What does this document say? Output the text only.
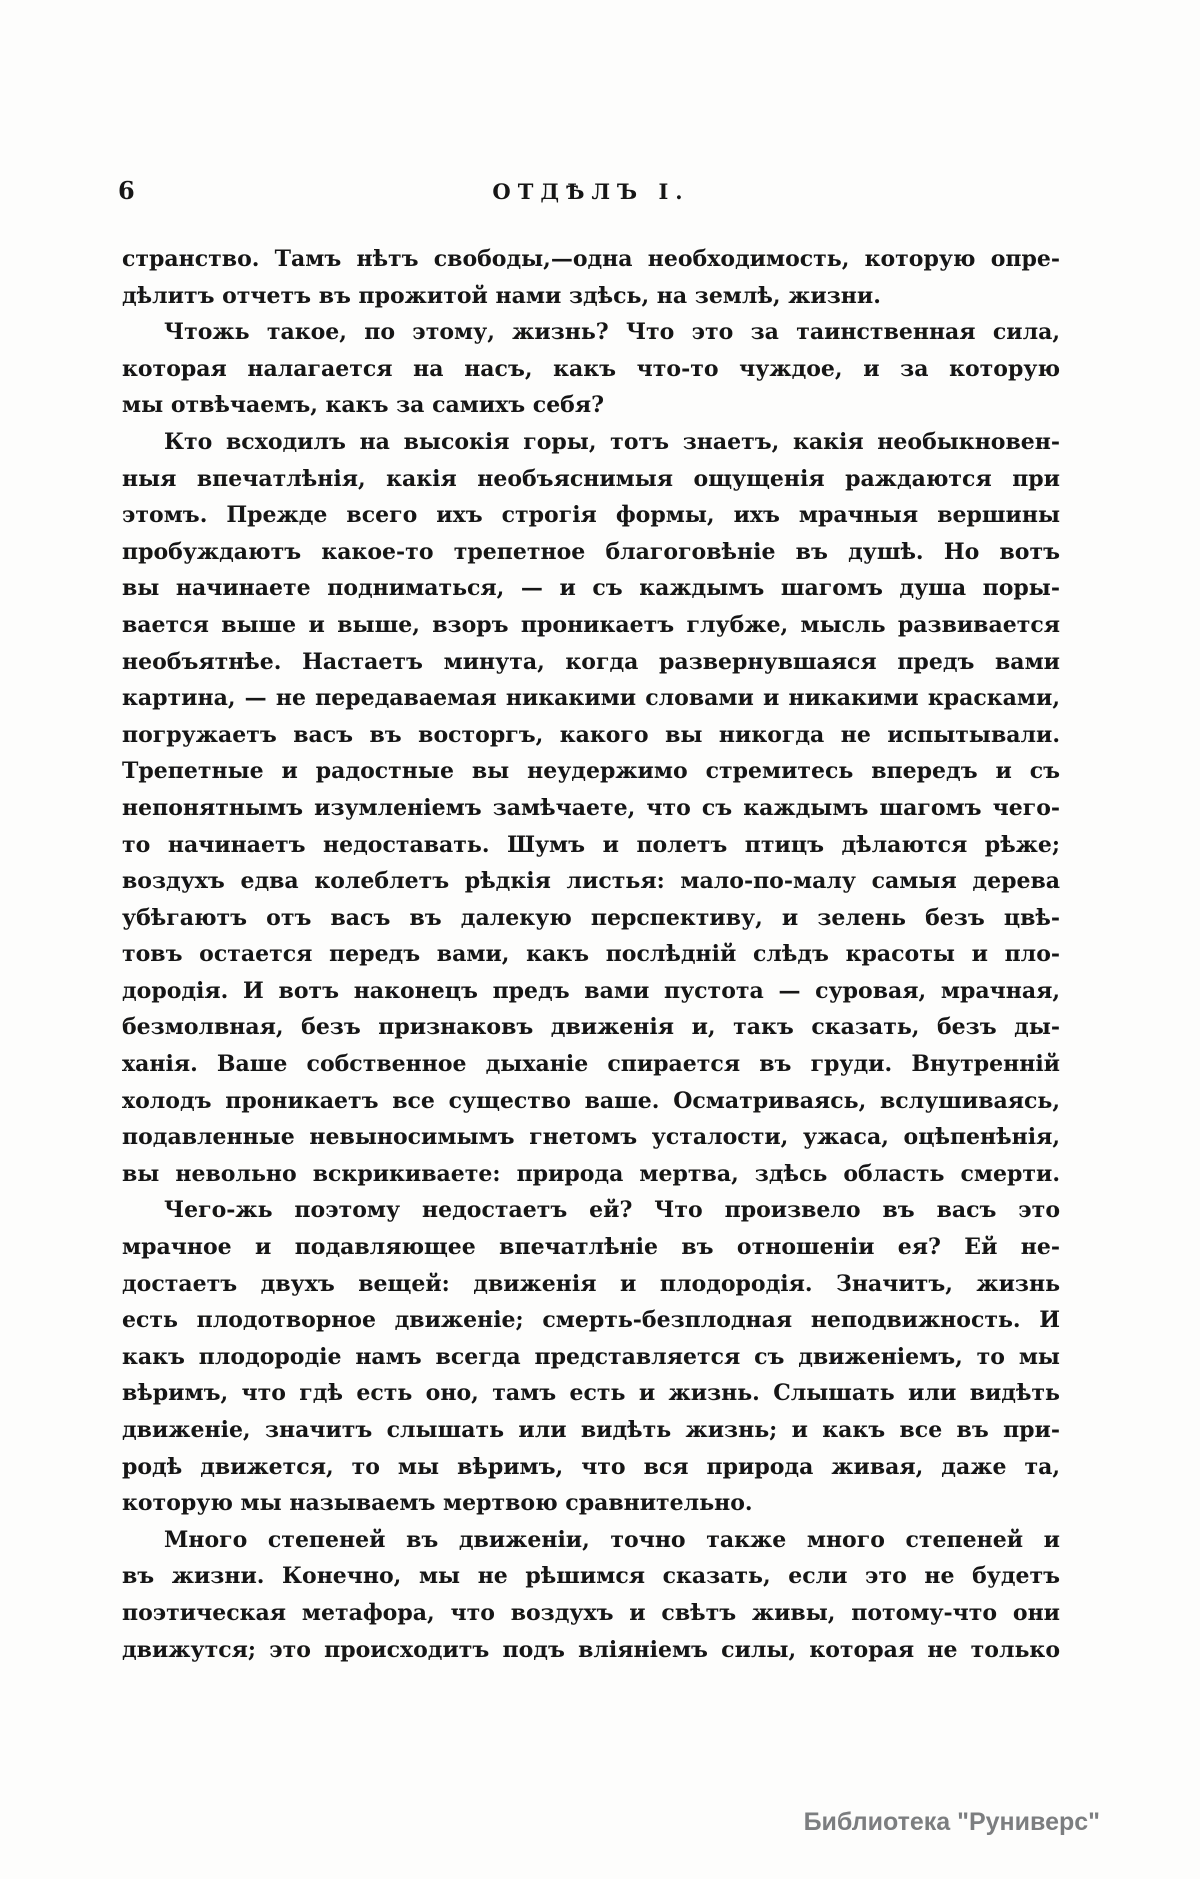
6	ОТДѢЛЪ I.
странство. Тамъ нѣтъ свободы,—одна необходимость, которую опре-
дѣлитъ отчетъ въ прожитой нами здѣсь, на землѣ, жизни.
Чтожь такое, по этому, жизнь? Что это за таинственная сила,
которая налагается на насъ, какъ что-то чуждое, и за которую
мы отвѣчаемъ, какъ за самихъ себя?
Кто всходилъ на высокія горы, тотъ знаетъ, какія необыкновен-
ныя впечатлѣнія, какія необъяснимыя ощущенія раждаются при
этомъ. Прежде всего ихъ строгія формы, ихъ мрачныя вершины
пробуждаютъ какое-то трепетное благоговѣніе въ душѣ. Но вотъ
вы начинаете подниматься, — и съ каждымъ шагомъ душа поры-
вается выше и выше, взоръ проникаетъ глубже, мысль развивается
необъятнѣе. Настаетъ минута, когда развернувшаяся предъ вами
картина, — не передаваемая никакими словами и никакими красками,
погружаетъ васъ въ восторгъ, какого вы никогда не испытывали.
Трепетные и радостные вы неудержимо стремитесь впередъ и съ
непонятнымъ изумленіемъ замѣчаете, что съ каждымъ шагомъ чего-
то начинаетъ недоставать. Шумъ и полетъ птицъ дѣлаются рѣже;
воздухъ едва колеблетъ рѣдкія листья: мало-по-малу самыя дерева
убѣгаютъ отъ васъ въ далекую перспективу, и зелень безъ цвѣ-
товъ остается передъ вами, какъ послѣдній слѣдъ красоты и пло-
дородія. И вотъ наконецъ предъ вами пустота — суровая, мрачная,
безмолвная, безъ признаковъ движенія и, такъ сказать, безъ ды-
ханія. Ваше собственное дыханіе спирается въ груди. Внутренній
холодъ проникаетъ все существо ваше. Осматриваясь, вслушиваясь,
подавленные невыносимымъ гнетомъ усталости, ужаса, оцѣпенѣнія,
вы невольно вскрикиваете: природа мертва, здѣсь область смерти.
Чего-жь поэтому недостаетъ ей? Что произвело въ васъ это
мрачное и подавляющее впечатлѣніе въ отношеніи ея? Ей не-
достаетъ двухъ вещей: движенія и плодородія. Значитъ, жизнь
есть плодотворное движеніе; смерть-безплодная неподвижность. И
какъ плодородіе намъ всегда представляется съ движеніемъ, то мы
вѣримъ, что гдѣ есть оно, тамъ есть и жизнь. Слышать или видѣть
движеніе, значитъ слышать или видѣть жизнь; и какъ все въ при-
родѣ движется, то мы вѣримъ, что вся природа живая, даже та,
которую мы называемъ мертвою сравнительно.
Много степеней въ движеніи, точно также много степеней и
въ жизни. Конечно, мы не рѣшимся сказать, если это не будетъ
поэтическая метафора, что воздухъ и свѣтъ живы, потому-что они
движутся; это происходитъ подъ вліяніемъ силы, которая не только
Библиотека "Руниверс"
